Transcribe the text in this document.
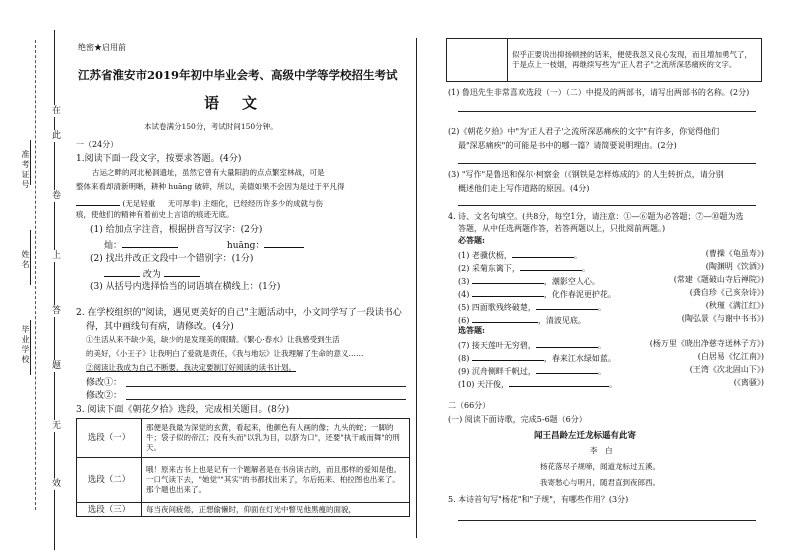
准考证号
姓名
毕业学校
在
此
卷
上
答
题
无
效
绝密★启用前
江苏省淮安市2019年初中毕业会考、高级中学等学校招生考试
语　文
本试卷满分150分，考试时间150分钟。
一（24分）
1.阅读下面一段文字，按要求答题。(4分)
古运之畔的河北秘洞遗址，虽然它曾有大量阳韵的点点繁室林战，可是
整体来看却清新明晰，耕种 huāng 破碎，所以，美德如果不会因为是过于平凡得
(无足轻重 无可厚非) 主细化，已经经历许多少的成就与伤
痕，使他们的精神有着前史上言语的痕迹无底。
(1) 给加点字注音，根据拼音写汉字：(2分)
灿：	huāng：
(2) 找出并改正文段中一个错别字：(1分)
改为
(3) 从括号内选择恰当的词语填在横线上：(1分)
2. 在学校组织的"阅读，遇见更美好的自己"主题活动中，小文同学写了一段读书心
得，其中画线句有病，请修改。(4分)
①生活从来不缺少美，缺少的是发现美的眼睛。《繁心·春水》让我感受到生活
的美好，《小王子》让我明白了爱就是责任，《我与地坛》让我理解了生命的意义……
②阅读让我成为自己不断要，我决定要制订好阅读的读书计划。
修改①：
修改②：
3. 阅读下面《朝花夕拾》选段，完成相关题目。(8分)
选段（一）	那便是我最为深觉的玄黄，看起来，他颜色有人画的像；九头的蛇；一脚的牛；袋子似的帝江；没有头而"以乳为目，以脐为口"，还要"执干戚而舞"的刑天。
选段（二）	哦！原来古书上也是记有一个题解者是在书房读古的，而且那样的爱知是他。一口气读下去，"她觉""其实"的书都找出来了，尔后拓来、柏拉图也出来了。那个题也出来了。
选段（三）	每当夜间疲倦，正想偷懒时，仰面在灯光中瞥见他黑瘦的面貌，
	似乎正要说出抑扬顿挫的话来，便使我忽又良心发现，而且增加勇气了，于是点上一枝烟，再继续写些为"正人君子"之流所深恶痛疾的文字。
(1) 鲁迅先生非常喜欢选段（一）（二）中提及的两部书，请写出两部书的名称。(2分)
(2)《朝花夕拾》中"为'正人君子'之流所深恶痛疾的文字"有许多，你觉得他们
最"深恶痛疾"的可能是书中的哪一篇？请简要说明理由。(2分)
(3) "写作"是鲁迅和保尔·柯察金（《钢铁是怎样炼成的》的人生转折点，请分别
概述他们走上写作道路的原因。(4分)
4. 诗、文名句填空。(共8分，每空1分，请注意：①—⑥题为必答题；⑦—⑩题为选
答题，从中任选两题作答，若答两题以上，只批阅前两题。)
必答题:
(1) 老骥伏枥，	。	(曹操《龟虽寿》)
(2) 采菊东篱下，	。	(陶渊明《饮酒》)
(3)	，潮影空人心。	(常建《题破山寺后禅院》)
(4)	，化作春泥更护花。	(龚自珍《己亥杂诗》)
(5) 四面歌残终破楚，	。	(秋瑾《满江红》)
(6)	，清波见底。	(陶弘景《与谢中书书》)
选答题:
(7) 接天莲叶无穷碧，	。	(杨万里《晓出净慈寺送林子方》)
(8)	，春来江水绿如蓝。	(白居易《忆江南》)
(9) 沉舟侧畔千帆过，	。	(王湾《次北固山下》)
(10) 天汗俊，	。	(《离骚》)
二（66分）
(一) 阅读下面诗歌，完成5-6题（6分）
闻王昌龄左迁龙标遥有此寄
李　白
杨花落尽子规啼，闻道龙标过五溪。
我寄愁心与明月，随君直到夜郎西。
5. 本诗首句写"杨花"和"子规"，有哪些作用？(3分)
